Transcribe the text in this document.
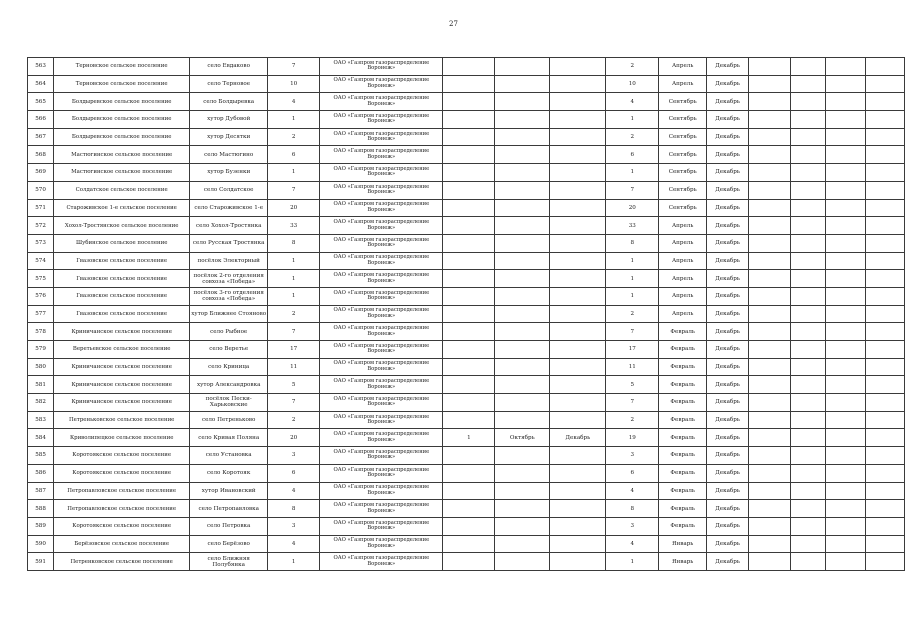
27
563	Терновское сельское поселение	село Евдаково	7	ОАО «Газпром газораспределение Воронеж»				2	Апрель	Декабрь				
564	Терновское сельское поселение	село Терновое	10	ОАО «Газпром газораспределение Воронеж»				10	Апрель	Декабрь				
565	Болдыревское сельское поселение	село Болдыревка	4	ОАО «Газпром газораспределение Воронеж»				4	Сентябрь	Декабрь				
566	Болдыревское сельское поселение	хутор Дубовой	1	ОАО «Газпром газораспределение Воронеж»				1	Сентябрь	Декабрь				
567	Болдыревское сельское поселение	хутор Десятки	2	ОАО «Газпром газораспределение Воронеж»				2	Сентябрь	Декабрь				
568	Мастюгинское сельское поселение	село Мастюгино	6	ОАО «Газпром газораспределение Воронеж»				6	Сентябрь	Декабрь				
569	Мастюгинское сельское поселение	хутор Бузенки	1	ОАО «Газпром газораспределение Воронеж»				1	Сентябрь	Декабрь				
570	Солдатское сельское поселение	село Солдатское	7	ОАО «Газпром газораспределение Воронеж»				7	Сентябрь	Декабрь				
571	Староживское 1-е сельское поселение	село Староживское 1-е	20	ОАО «Газпром газораспределение Воронеж»				20	Сентябрь	Декабрь				
572	Хохол-Тростянское сельское поселение	село Хохол-Тростянка	33	ОАО «Газпром газораспределение Воронеж»				33	Апрель	Декабрь				
573	Шубинское сельское поселение	село Русская Тростянка	8	ОАО «Газпром газораспределение Воронеж»				8	Апрель	Декабрь				
574	Гвазовское сельское поселение	посёлок Электорный	1	ОАО «Газпром газораспределение Воронеж»				1	Апрель	Декабрь				
575	Гвазовское сельское поселение	посёлок 2-го отделения совхоза «Победа»	1	ОАО «Газпром газораспределение Воронеж»				1	Апрель	Декабрь				
576	Гвазовское сельское поселение	посёлок 3-го отделения совхоза «Победа»	1	ОАО «Газпром газораспределение Воронеж»				1	Апрель	Декабрь				
577	Гвазовское сельское поселение	хутор Ближнее Стояново	2	ОАО «Газпром газораспределение Воронеж»				2	Апрель	Декабрь				
578	Криничанское сельское поселение	село Рыбное	7	ОАО «Газпром газораспределение Воронеж»				7	Февраль	Декабрь				
579	Веретьевское сельское поселение	село Веретье	17	ОАО «Газпром газораспределение Воронеж»				17	Февраль	Декабрь				
580	Криничанское сельское поселение	село Криница	11	ОАО «Газпром газораспределение Воронеж»				11	Февраль	Декабрь				
581	Криничанское сельское поселение	хутор Александровка	5	ОАО «Газпром газораспределение Воронеж»				5	Февраль	Декабрь				
582	Криничанское сельское поселение	посёлок Пески-Харьковские	7	ОАО «Газпром газораспределение Воронеж»				7	Февраль	Декабрь				
583	Петреньковское сельское поселение	село Петреньково	2	ОАО «Газпром газораспределение Воронеж»				2	Февраль	Декабрь				
584	Криволипецкое сельское поселение	село Кривая Поляна	20	ОАО «Газпром газораспределение Воронеж»	1	Октябрь	Декабрь	19	Февраль	Декабрь				
585	Коротоякское сельское поселение	село Установка	3	ОАО «Газпром газораспределение Воронеж»				3	Февраль	Декабрь				
586	Коротоякское сельское поселение	село Коротояк	6	ОАО «Газпром газораспределение Воронеж»				6	Февраль	Декабрь				
587	Петропавловское сельское поселение	хутор Ивановский	4	ОАО «Газпром газораспределение Воронеж»				4	Февраль	Декабрь				
588	Петропавловское сельское поселение	село Петропавловка	8	ОАО «Газпром газораспределение Воронеж»				8	Февраль	Декабрь				
589	Коротоякское сельское поселение	село Петровка	3	ОАО «Газпром газораспределение Воронеж»				3	Февраль	Декабрь				
590	Берёзовское сельское поселение	село Берёзово	4	ОАО «Газпром газораспределение Воронеж»				4	Январь	Декабрь				
591	Петренковское сельское поселение	село Ближняя Полубянка	1	ОАО «Газпром газораспределение Воронеж»				1	Январь	Декабрь				
